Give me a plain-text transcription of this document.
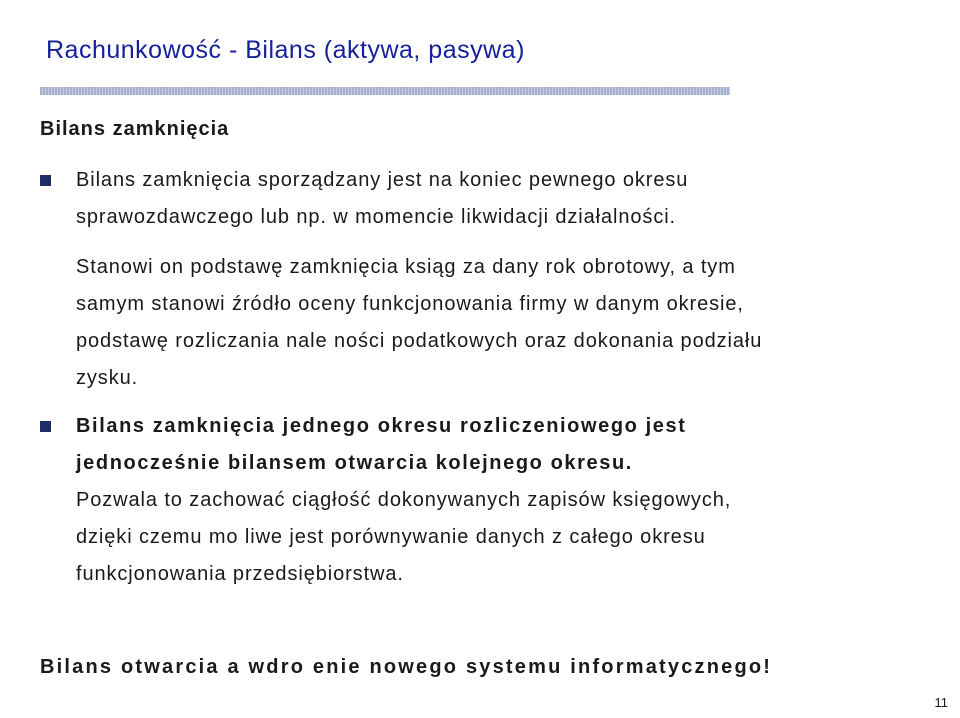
Rachunkowość - Bilans (aktywa, pasywa)
Bilans zamknięcia

Bilans zamknięcia sporządzany jest na koniec pewnego okresu

sprawozdawczego lub np. w momencie likwidacji działalności.

Stanowi on podstawę zamknięcia ksiąg za dany rok obrotowy, a tym

samym stanowi źródło oceny funkcjonowania firmy w danym okresie,

podstawę rozliczania nale ności podatkowych oraz dokonania podziału

zysku.

Bilans zamknięcia jednego okresu rozliczeniowego jest

jednocześnie bilansem otwarcia kolejnego okresu.

Pozwala to zachować ciągłość dokonywanych zapisów księgowych,

dzięki czemu mo liwe jest porównywanie danych z całego okresu

funkcjonowania przedsiębiorstwa.

Bilans otwarcia a wdro enie nowego systemu informatycznego!

11
